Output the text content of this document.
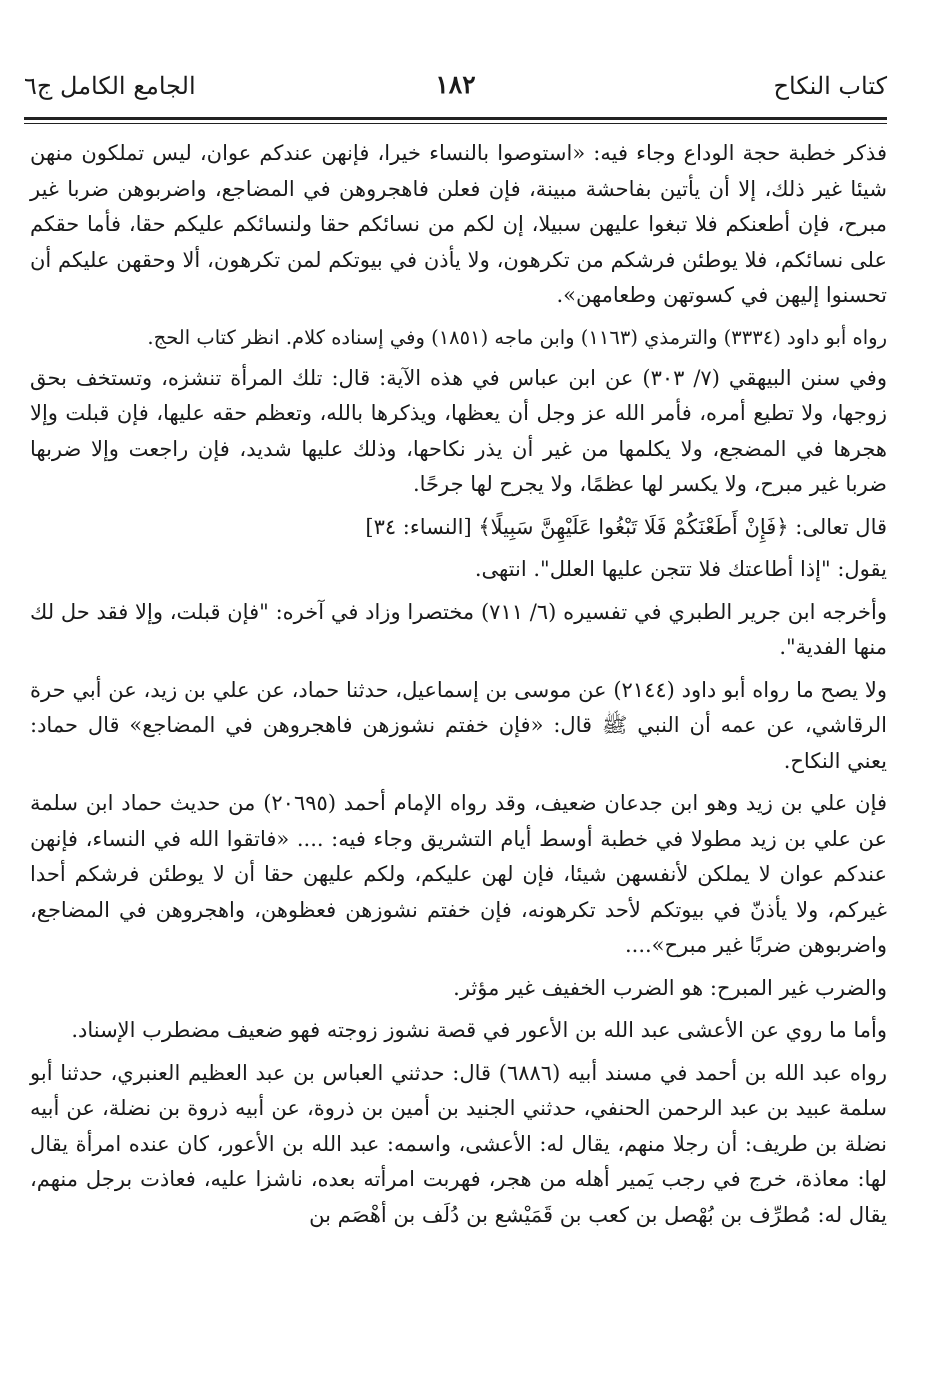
كتاب النكاح
١٨٢
الجامع الكامل ج٦

فذكر خطبة حجة الوداع وجاء فيه: «استوصوا بالنساء خيرا، فإنهن عندكم عوان، ليس تملكون منهن شيئا غير ذلك، إلا أن يأتين بفاحشة مبينة، فإن فعلن فاهجروهن في المضاجع، واضربوهن ضربا غير مبرح، فإن أطعنكم فلا تبغوا عليهن سبيلا، إن لكم من نسائكم حقا ولنسائكم عليكم حقا، فأما حقكم على نسائكم، فلا يوطئن فرشكم من تكرهون، ولا يأذن في بيوتكم لمن تكرهون، ألا وحقهن عليكم أن تحسنوا إليهن في كسوتهن وطعامهن».

رواه أبو داود (٣٣٣٤) والترمذي (١١٦٣) وابن ماجه (١٨٥١) وفي إسناده كلام. انظر كتاب الحج.

وفي سنن البيهقي (٧/ ٣٠٣) عن ابن عباس في هذه الآية: قال: تلك المرأة تنشزه، وتستخف بحق زوجها، ولا تطيع أمره، فأمر الله عز وجل أن يعظها، ويذكرها بالله، وتعظم حقه عليها، فإن قبلت وإلا هجرها في المضجع، ولا يكلمها من غير أن يذر نكاحها، وذلك عليها شديد، فإن راجعت وإلا ضربها ضربا غير مبرح، ولا يكسر لها عظمًا، ولا يجرح لها جرحًا.

قال تعالى: ﴿فَإِنْ أَطَعْنَكُمْ فَلَا تَبْغُوا عَلَيْهِنَّ سَبِيلًا﴾ [النساء: ٣٤]

يقول: "إذا أطاعتك فلا تتجن عليها العلل". انتهى.

وأخرجه ابن جرير الطبري في تفسيره (٦/ ٧١١) مختصرا وزاد في آخره: "فإن قبلت، وإلا فقد حل لك منها الفدية".

ولا يصح ما رواه أبو داود (٢١٤٤) عن موسى بن إسماعيل، حدثنا حماد، عن علي بن زيد، عن أبي حرة الرقاشي، عن عمه أن النبي ﷺ قال: «فإن خفتم نشوزهن فاهجروهن في المضاجع» قال حماد: يعني النكاح.

فإن علي بن زيد وهو ابن جدعان ضعيف، وقد رواه الإمام أحمد (٢٠٦٩٥) من حديث حماد ابن سلمة عن علي بن زيد مطولا في خطبة أوسط أيام التشريق وجاء فيه: .... «فاتقوا الله في النساء، فإنهن عندكم عوان لا يملكن لأنفسهن شيئا، فإن لهن عليكم، ولكم عليهن حقا أن لا يوطئن فرشكم أحدا غيركم، ولا يأذنّ في بيوتكم لأحد تكرهونه، فإن خفتم نشوزهن فعظوهن، واهجروهن في المضاجع، واضربوهن ضربًا غير مبرح»....

والضرب غير المبرح: هو الضرب الخفيف غير مؤثر.

وأما ما روي عن الأعشى عبد الله بن الأعور في قصة نشوز زوجته فهو ضعيف مضطرب الإسناد.

رواه عبد الله بن أحمد في مسند أبيه (٦٨٨٦) قال: حدثني العباس بن عبد العظيم العنبري، حدثنا أبو سلمة عبيد بن عبد الرحمن الحنفي، حدثني الجنيد بن أمين بن ذروة، عن أبيه ذروة بن نضلة، عن أبيه نضلة بن طريف: أن رجلا منهم، يقال له: الأعشى، واسمه: عبد الله بن الأعور، كان عنده امرأة يقال لها: معاذة، خرج في رجب يَمير أهله من هجر، فهربت امرأته بعده، ناشزا عليه، فعاذت برجل منهم، يقال له: مُطرِّف بن بُهْصل بن كعب بن قَمَيْشع بن دُلَف بن أهْصَم بن
